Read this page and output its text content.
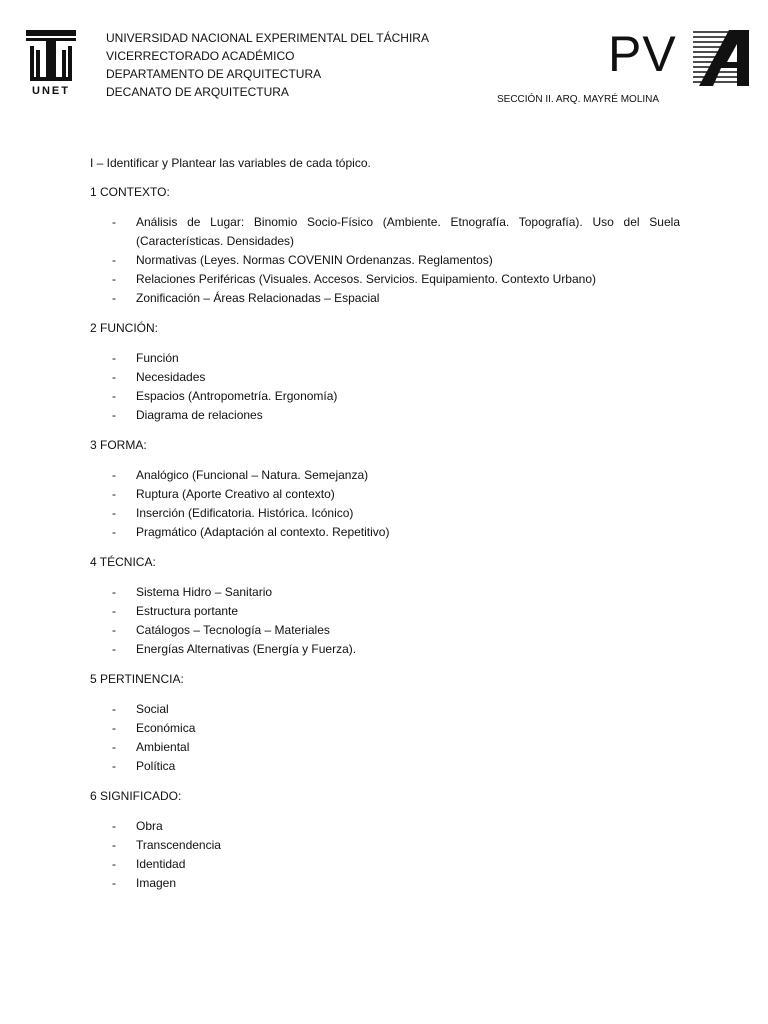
UNET
UNIVERSIDAD NACIONAL EXPERIMENTAL DEL TÁCHIRA
VICERRECTORADO ACADÉMICO
DEPARTAMENTO DE ARQUITECTURA
DECANATO DE ARQUITECTURA
PV
SECCIÓN II. ARQ. MAYRÉ MOLINA

I – Identificar y Plantear las variables de cada tópico.

1 CONTEXTO:

- Análisis de Lugar: Binomio Socio-Físico (Ambiente. Etnografía. Topografía). Uso del Suela (Características. Densidades)
- Normativas (Leyes. Normas COVENIN Ordenanzas. Reglamentos)
- Relaciones Periféricas (Visuales. Accesos. Servicios. Equipamiento. Contexto Urbano)
- Zonificación – Áreas Relacionadas – Espacial

2 FUNCIÓN:

- Función
- Necesidades
- Espacios (Antropometría. Ergonomía)
- Diagrama de relaciones

3 FORMA:

- Analógico (Funcional – Natura. Semejanza)
- Ruptura (Aporte Creativo al contexto)
- Inserción (Edificatoria. Histórica. Icónico)
- Pragmático (Adaptación al contexto. Repetitivo)

4 TÉCNICA:

- Sistema Hidro – Sanitario
- Estructura portante
- Catálogos – Tecnología – Materiales
- Energías Alternativas (Energía y Fuerza).

5 PERTINENCIA:

- Social
- Económica
- Ambiental
- Política

6 SIGNIFICADO:

- Obra
- Transcendencia
- Identidad
- Imagen
